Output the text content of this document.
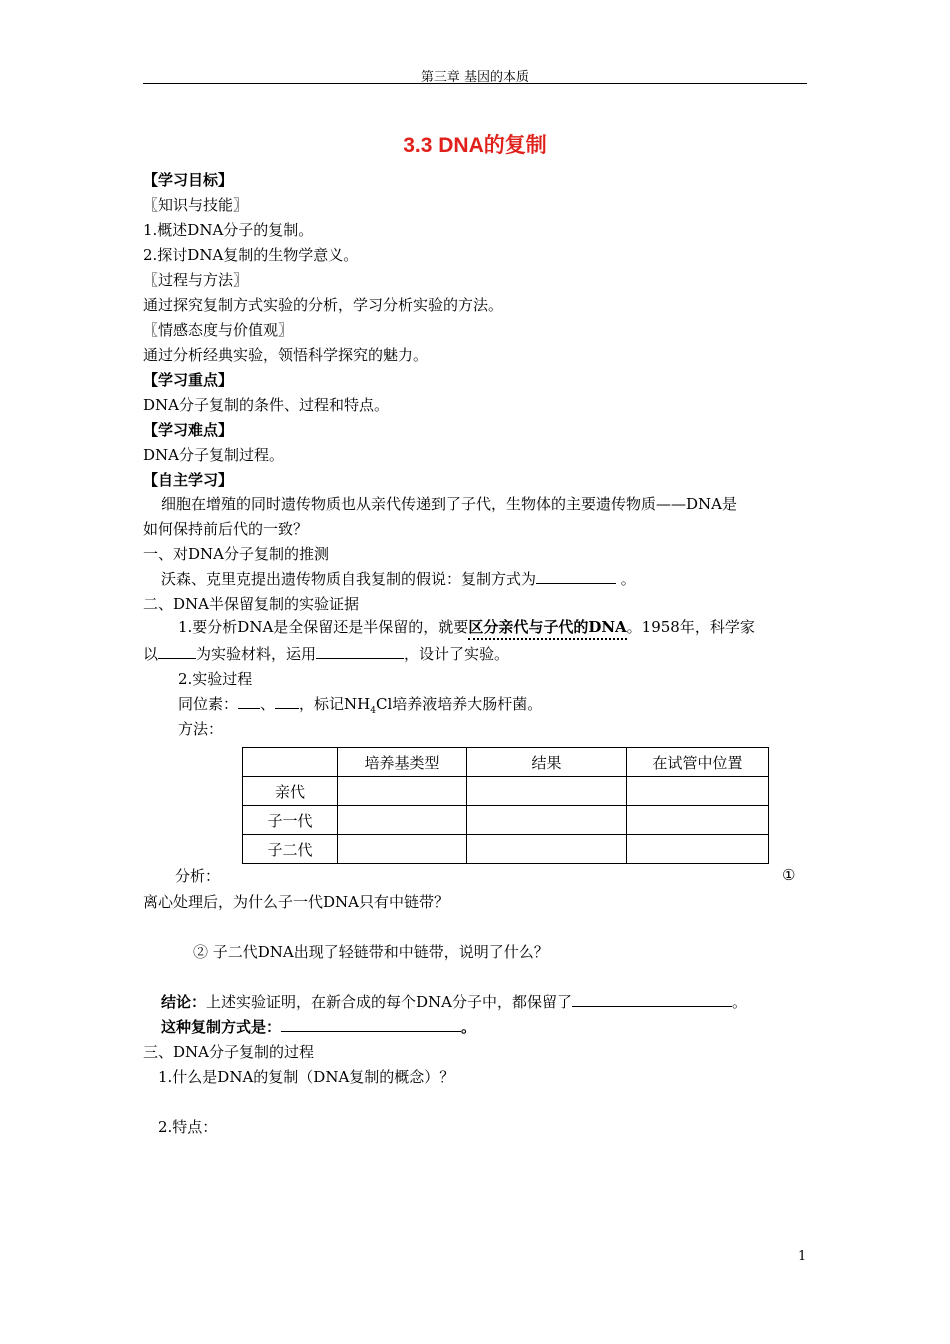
第三章 基因的本质
3.3 DNA的复制
【学习目标】
〖知识与技能〗
1.概述DNA分子的复制。
2.探讨DNA复制的生物学意义。
〖过程与方法〗
通过探究复制方式实验的分析，学习分析实验的方法。
〖情感态度与价值观〗
通过分析经典实验，领悟科学探究的魅力。
【学习重点】
DNA分子复制的条件、过程和特点。
【学习难点】
DNA分子复制过程。
【自主学习】
细胞在增殖的同时遗传物质也从亲代传递到了子代，生物体的主要遗传物质——DNA是
如何保持前后代的一致？
一、对DNA分子复制的推测
沃森、克里克提出遗传物质自我复制的假说：复制方式为	。
二、DNA半保留复制的实验证据
1.要分析DNA是全保留还是半保留的，就要区分亲代与子代的DNA。1958年，科学家
以	为实验材料，运用	，设计了实验。
2.实验过程
同位素： 、 ，标记$NH_4Cl$培养液培养大肠杆菌。
方法：
	培养基类型	结果	在试管中位置
亲代			
子一代			
子二代			
分析：	①
离心处理后，为什么子一代DNA只有中链带？
② 子二代DNA出现了轻链带和中链带，说明了什么？
结论：上述实验证明，在新合成的每个DNA分子中，都保留了	。
这种复制方式是：	。
三、DNA分子复制的过程
1.什么是DNA的复制（DNA复制的概念）？
2.特点：
1
